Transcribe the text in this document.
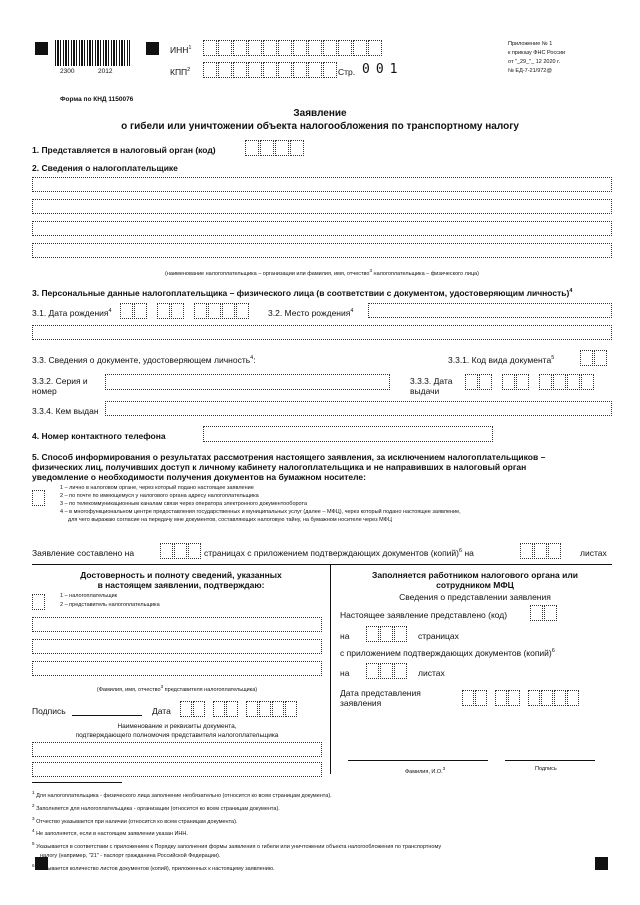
2300	2012
ИНН$^1$
КПП$^2$	Стр. 001
Приложение № 1
к приказу ФНС России
от "_29_"_ 12 2020 г.
№ ЕД-7-21/972@
Форма по КНД 1150076
Заявление
о гибели или уничтожении объекта налогообложения по транспортному налогу
1. Представляется в налоговый орган (код)
2. Сведения о налогоплательщике
(наименование налогоплательщика – организации или фамилия, имя, отчество$^3$ налогоплательщика – физического лица)
3. Персональные данные налогоплательщика – физического лица (в соответствии с документом, удостоверяющим личность)$^4$
3.1. Дата рождения$^4$	3.2. Место рождения$^4$
3.3. Сведения о документе, удостоверяющем личность$^4$:	3.3.1. Код вида документа$^5$
3.3.2. Серия и
номер
3.3.3. Дата
выдачи
3.3.4. Кем выдан
4. Номер контактного телефона
5. Способ информирования о результатах рассмотрения настоящего заявления, за исключением налогоплательщиков –
физических лиц, получивших доступ к личному кабинету налогоплательщика и не направивших в налоговый орган
уведомление о необходимости получения документов на бумажном носителе:
1 – лично в налоговом органе, через который подано настоящее заявление
2 – по почте по имеющемуся у налогового органа адресу налогоплательщика
3 – по телекоммуникационным каналам связи через оператора электронного документооборота
4 – в многофункциональном центре предоставления государственных и муниципальных услуг (далее – МФЦ), через который подано настоящее заявление,
для чего выражаю согласие на передачу мне документов, составляющих налоговую тайну, на бумажном носителе через МФЦ
Заявление составлено на	страницах с приложением подтверждающих документов (копий)$^6$ на	листах
Достоверность и полноту сведений, указанных
в настоящем заявлении, подтверждаю:
1 – налогоплательщик
2 – представитель налогоплательщика
(Фамилия, имя, отчество$^3$ представителя налогоплательщика)
Подпись	Дата
Наименование и реквизиты документа,
подтверждающего полномочия представителя налогоплательщика
Заполняется работником налогового органа или
сотрудником МФЦ
Сведения о представлении заявления
Настоящее заявление представлено (код)
на	страницах
с приложением подтверждающих документов (копий)$^6$
на	листах
Дата представления
заявления
Фамилия, И.О.$^3$	Подпись
$^1$ Для налогоплательщика - физического лица заполнение необязательно (относится ко всем страницам документа).
$^2$ Заполняется для налогоплательщика - организации (относится ко всем страницам документа).
$^3$ Отчество указывается при наличии (относится ко всем страницам документа).
$^4$ Не заполняется, если в настоящем заявлении указан ИНН.
$^5$ Указывается в соответствии с приложением к Порядку заполнения формы заявления о гибели или уничтожении объекта налогообложения по транспортному
налогу (например, "21" - паспорт гражданина Российской Федерации).
$^6$ Указывается количество листов документов (копий), приложенных к настоящему заявлению.
